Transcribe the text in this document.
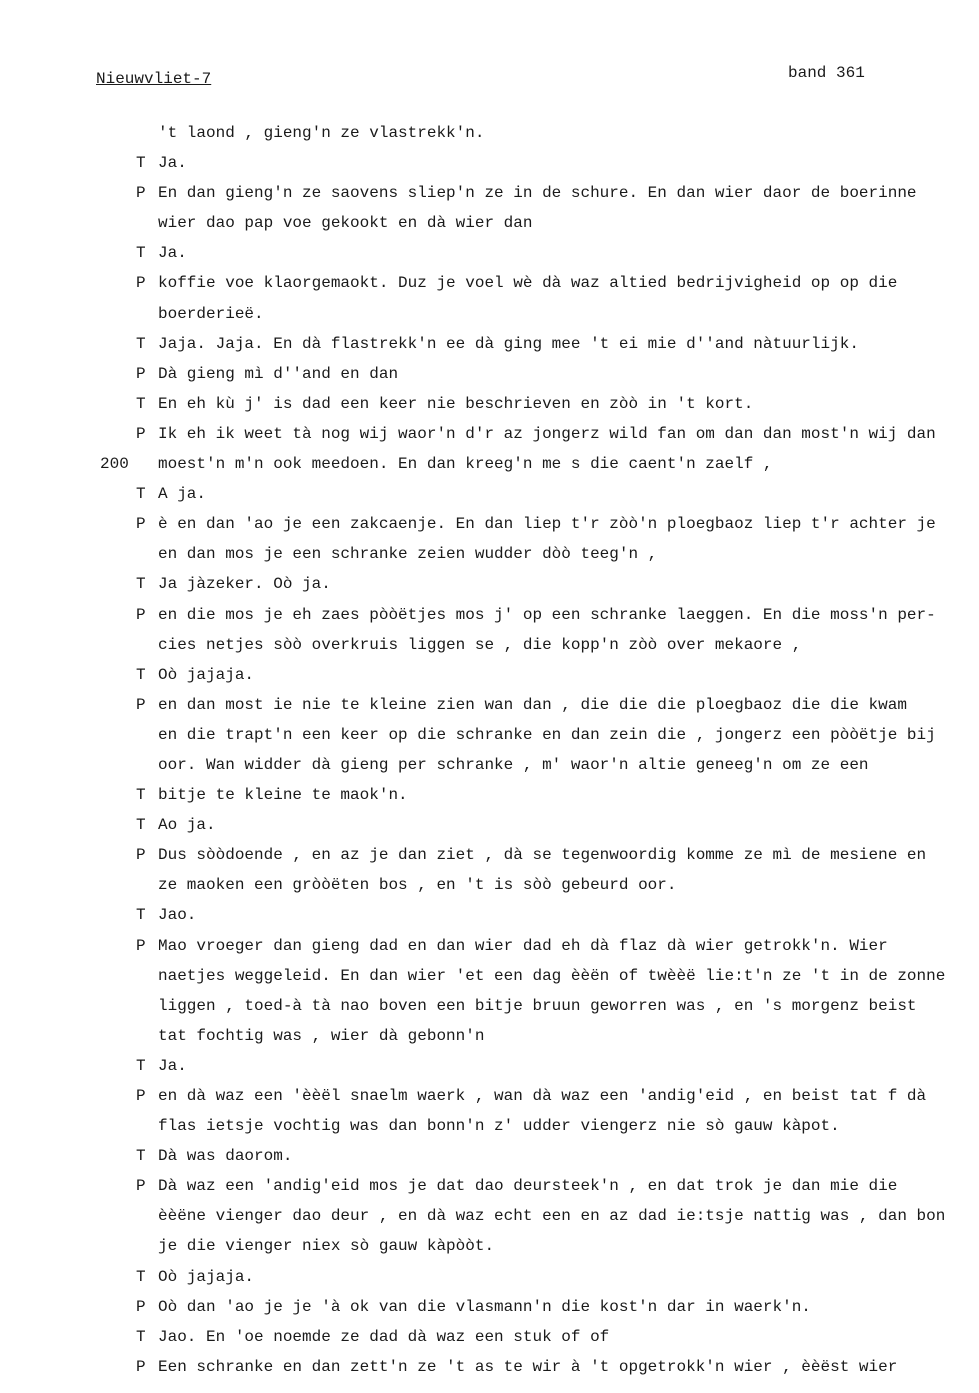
Nieuwvliet-7	band 361
't laond , gieng'n ze vlastrekk'n.
T Ja.
P En dan gieng'n ze saovens sliep'n ze in de schure. En dan wier daor de boerinne
wier dao pap voe gekookt en dà wier dan
T Ja.
P koffie voe klaorgemaokt. Duz je voel wè dà waz altied bedrijvigheid op op die
boerderieë.
T Jaja. Jaja. En dà flastrekk'n ee dà ging mee 't ei mie d''and nàtuurlijk.
P Dà gieng mì d''and en dan
T En eh kù j' is dad een keer nie beschrieven en zòò in 't kort.
P Ik eh ik weet tà nog wij waor'n d'r az jongerz wild fan om dan dan most'n wij dan
200 moest'n m'n ook meedoen. En dan kreeg'n me s die caent'n zaelf ,
T A ja.
P è en dan 'ao je een zakcaenje. En dan liep t'r zòò'n ploegbaoz liep t'r achter je
en dan mos je een schranke zeien wudder dòò teeg'n ,
T Ja jàzeker. Oò ja.
P en die mos je eh zaes pòòëtjes mos j' op een schranke laeggen. En die moss'n per-
cies netjes sòò overkruis liggen se , die kopp'n zòò over mekaore ,
T Oò jajaja.
P en dan most ie nie te kleine zien wan dan , die die die ploegbaoz die die kwam
en die trapt'n een keer op die schranke en dan zein die , jongerz een pòòëtje bij
oor. Wan widder dà gieng per schranke , m' waor'n altie geneeg'n om ze een
T bitje te kleine te maok'n.
T Ao ja.
P Dus sòòdoende , en az je dan ziet , dà se tegenwoordig komme ze mì de mesiene en
ze maoken een gròòëten bos , en 't is sòò gebeurd oor.
T Jao.
P Mao vroeger dan gieng dad en dan wier dad eh dà flaz dà wier getrokk'n. Wier
naetjes weggeleid. En dan wier 'et een dag èèën of twèèë lie:t'n ze 't in de zonne
liggen , toed-à tà nao boven een bitje bruun geworren was , en 's morgenz beist
tat fochtig was , wier dà gebonn'n
T Ja.
P en dà waz een 'èèël snaelm waerk , wan dà waz een 'andig'eid , en beist tat f dà
flas ietsje vochtig was dan bonn'n z' udder viengerz nie sò gauw kàpot.
T Dà was daorom.
P Dà waz een 'andig'eid mos je dat dao deursteek'n , en dat trok je dan mie die
èèëne vienger dao deur , en dà waz echt een en az dad ie:tsje nattig was , dan bon
je die vienger niex sò gauw kàpòòt.
T Oò jajaja.
P Oò dan 'ao je je 'à ok van die vlasmann'n die kost'n dar in waerk'n.
T Jao. En 'oe noemde ze dad dà waz een stuk of of
P Een schranke en dan zett'n ze 't as te wir à 't opgetrokk'n wier , èèëst wier
